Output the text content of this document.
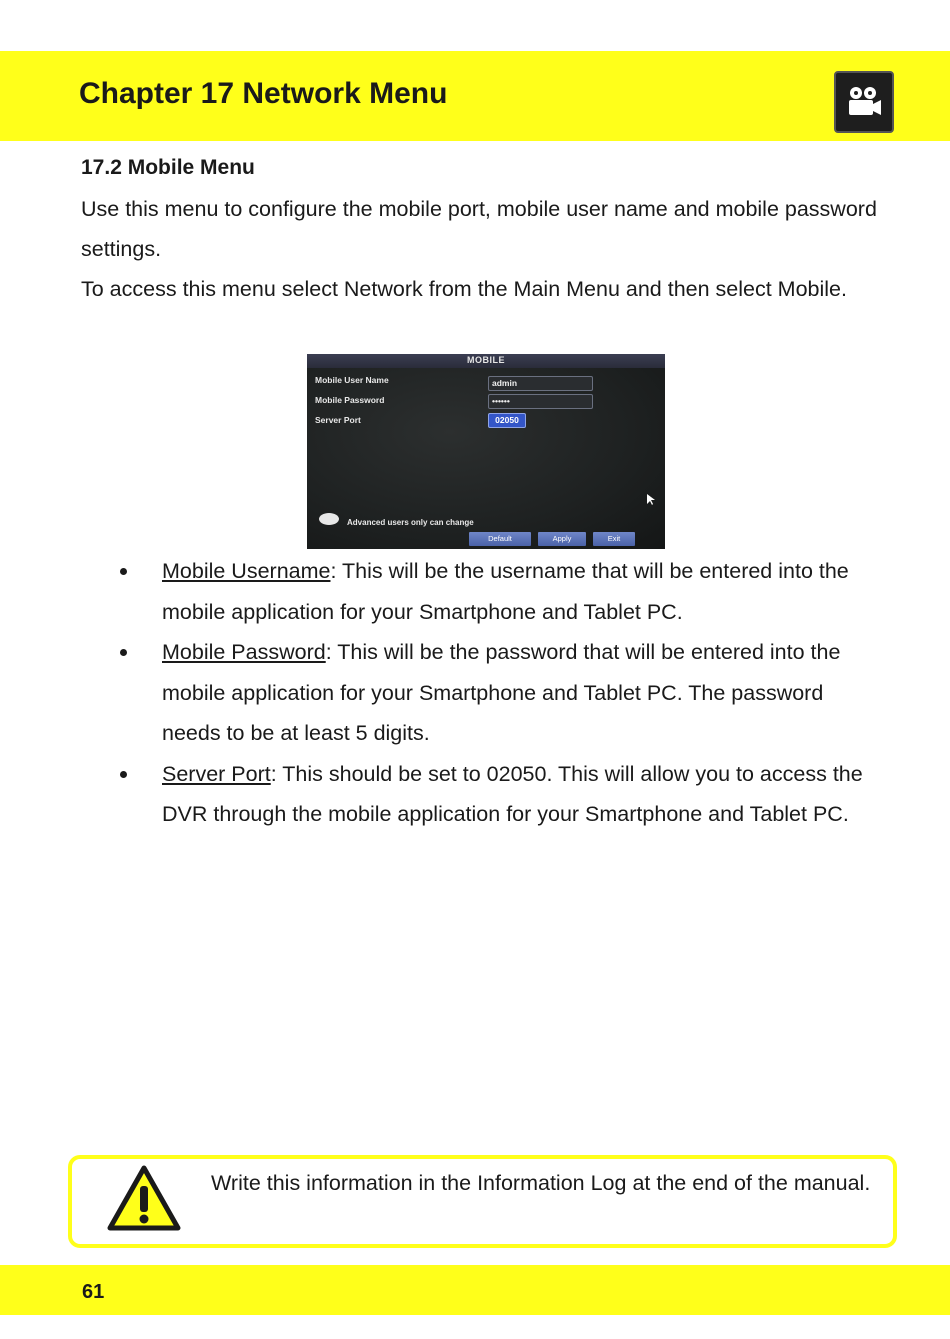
Chapter 17 Network Menu
17.2 Mobile Menu
Use this menu to configure the mobile port, mobile user name and mobile password settings.
To access this menu select Network from the Main Menu and then select Mobile.
MOBILE
Mobile User Name	admin
Mobile Password	••••••
Server Port	02050
Advanced users only can change
Default	Apply	Exit
Mobile Username: This will be the username that will be entered into the mobile application for your Smartphone and Tablet PC.
Mobile Password: This will be the password that will be entered into the mobile application for your Smartphone and Tablet PC. The password needs to be at least 5 digits.
Server Port: This should be set to 02050. This will allow you to access the DVR through the mobile application for your Smartphone and Tablet PC.
Write this information in the Information Log at the end of the manual.
61
